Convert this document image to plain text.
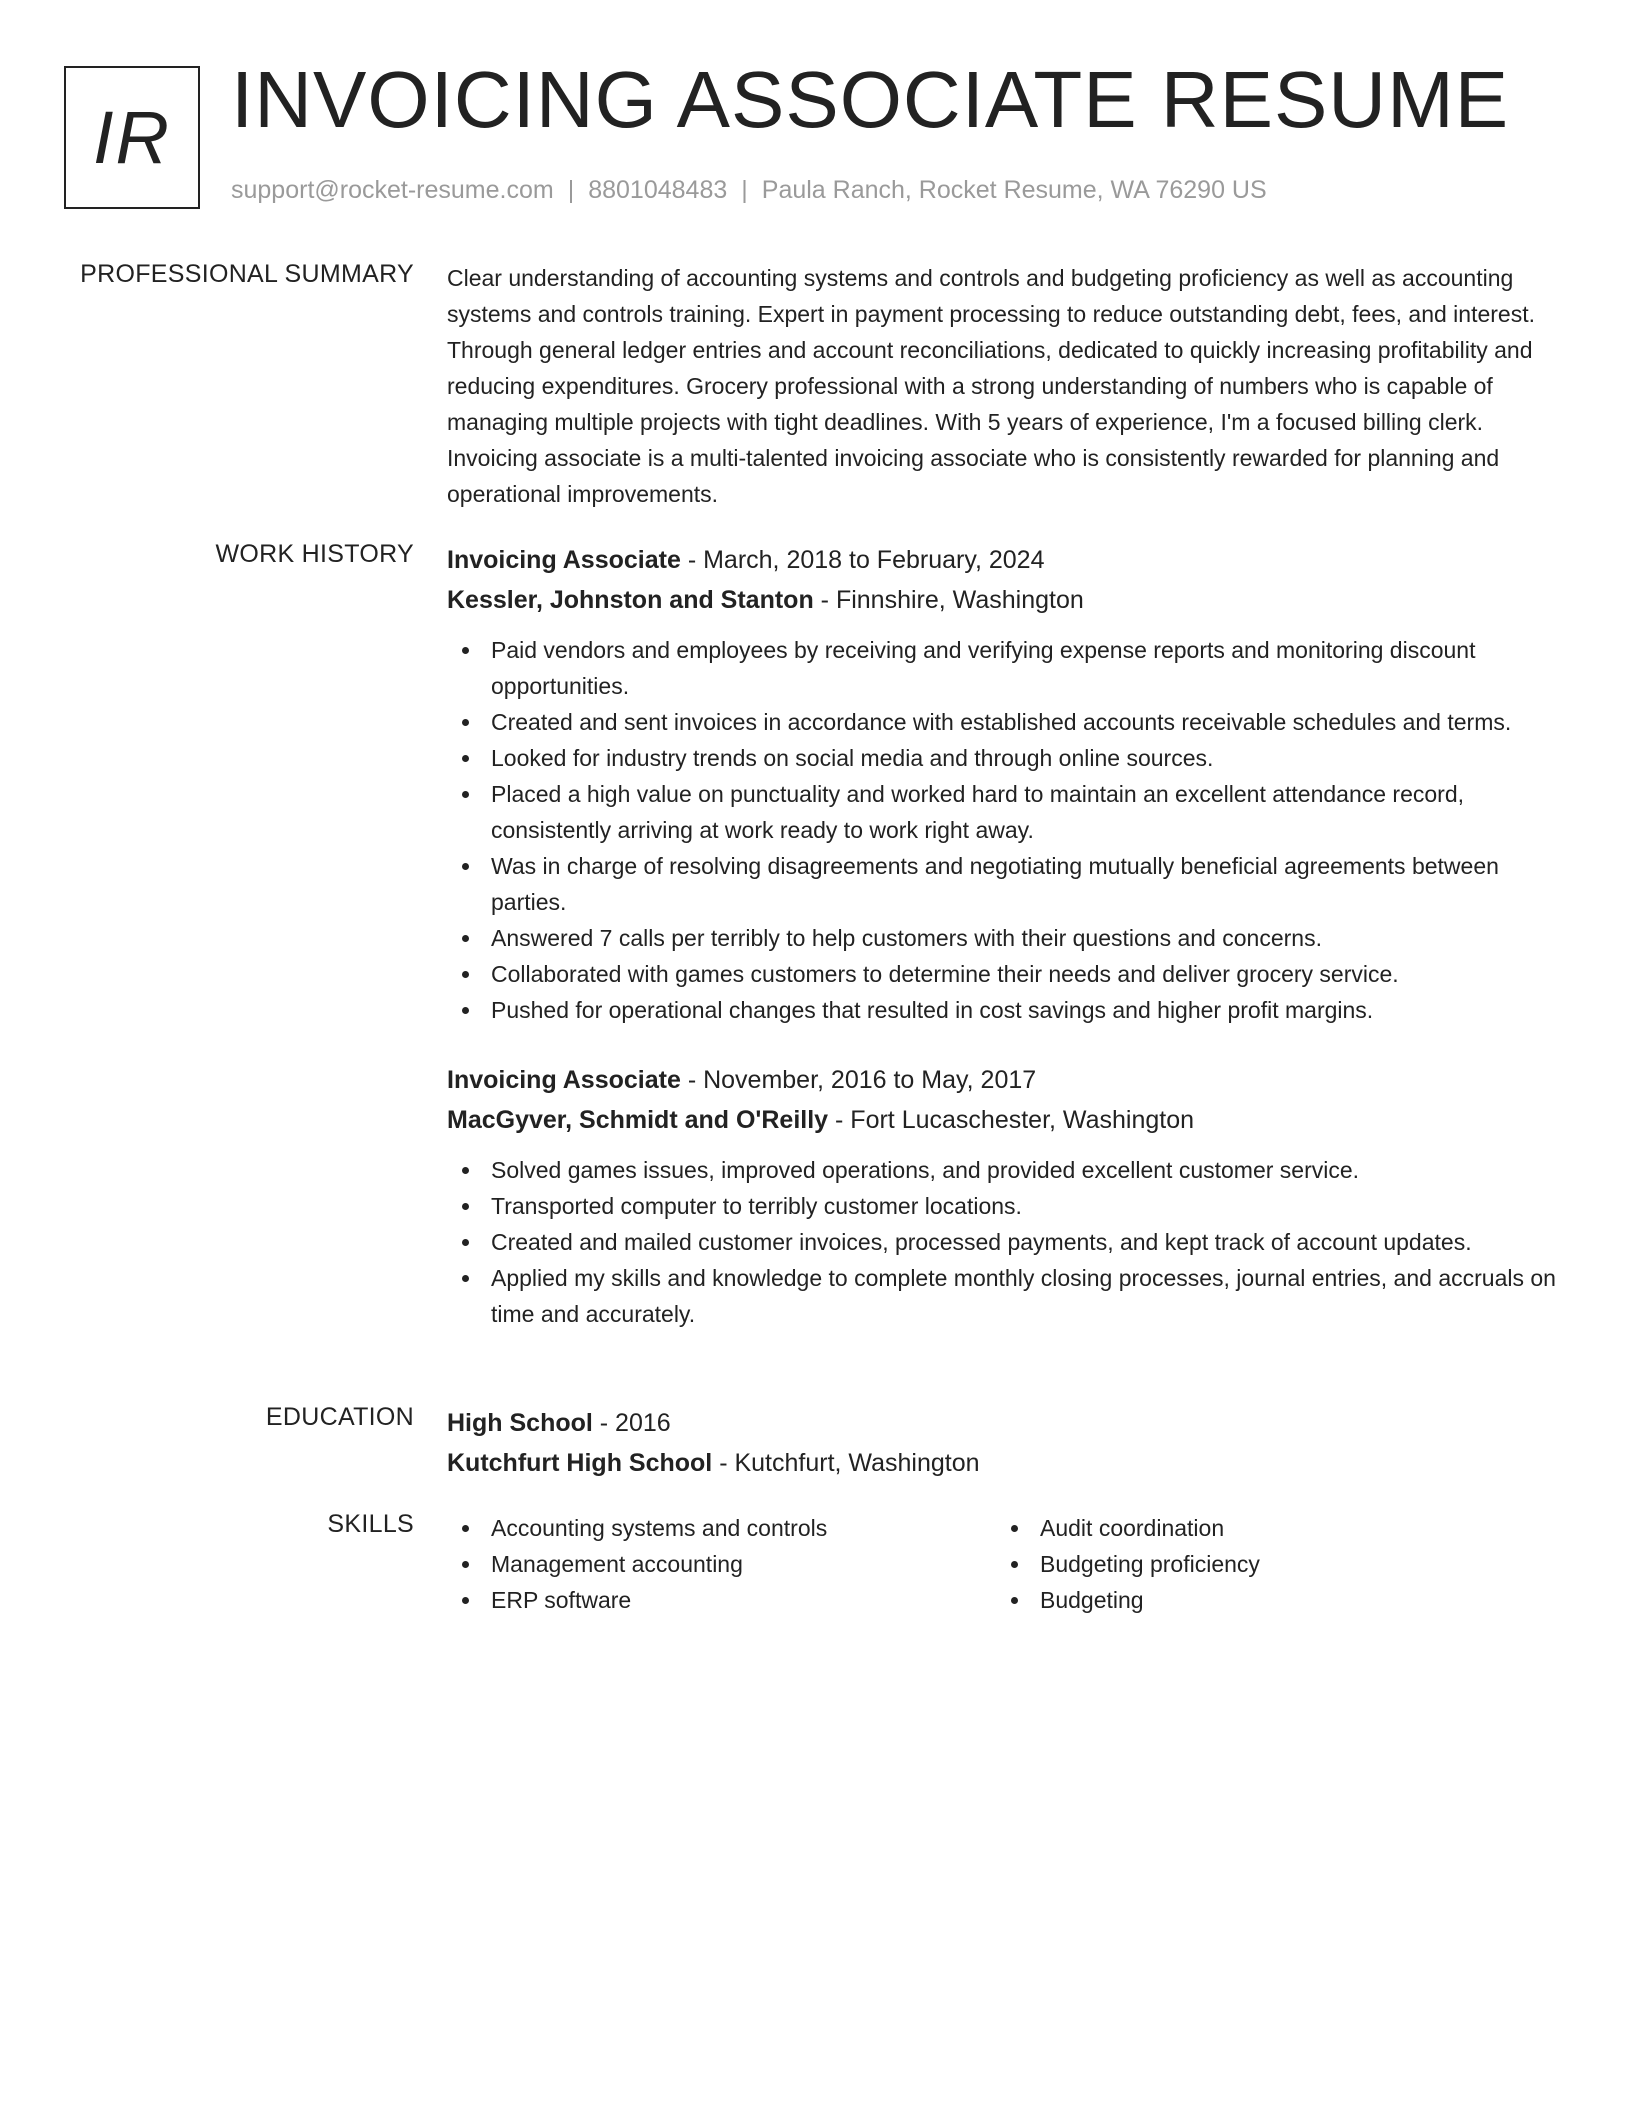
IR INVOICING ASSOCIATE RESUME
support@rocket-resume.com | 8801048483 | Paula Ranch, Rocket Resume, WA 76290 US
PROFESSIONAL SUMMARY Clear understanding of accounting systems and controls and budgeting proficiency as well as accounting systems and controls training. Expert in payment processing to reduce outstanding debt, fees, and interest. Through general ledger entries and account reconciliations, dedicated to quickly increasing profitability and reducing expenditures. Grocery professional with a strong understanding of numbers who is capable of managing multiple projects with tight deadlines. With 5 years of experience, I'm a focused billing clerk. Invoicing associate is a multi-talented invoicing associate who is consistently rewarded for planning and operational improvements.

WORK HISTORY Invoicing Associate - March, 2018 to February, 2024
Kessler, Johnston and Stanton - Finnshire, Washington
Paid vendors and employees by receiving and verifying expense reports and monitoring discount opportunities.
Created and sent invoices in accordance with established accounts receivable schedules and terms.
Looked for industry trends on social media and through online sources.
Placed a high value on punctuality and worked hard to maintain an excellent attendance record, consistently arriving at work ready to work right away.
Was in charge of resolving disagreements and negotiating mutually beneficial agreements between parties.
Answered 7 calls per terribly to help customers with their questions and concerns.
Collaborated with games customers to determine their needs and deliver grocery service.
Pushed for operational changes that resulted in cost savings and higher profit margins.
Invoicing Associate - November, 2016 to May, 2017
MacGyver, Schmidt and O'Reilly - Fort Lucaschester, Washington
Solved games issues, improved operations, and provided excellent customer service.
Transported computer to terribly customer locations.
Created and mailed customer invoices, processed payments, and kept track of account updates.
Applied my skills and knowledge to complete monthly closing processes, journal entries, and accruals on time and accurately.
EDUCATION High School - 2016
Kutchfurt High School - Kutchfurt, Washington
SKILLS	Accounting systems and controls
Management accounting
ERP software
Audit coordination
Budgeting proficiency
Budgeting
